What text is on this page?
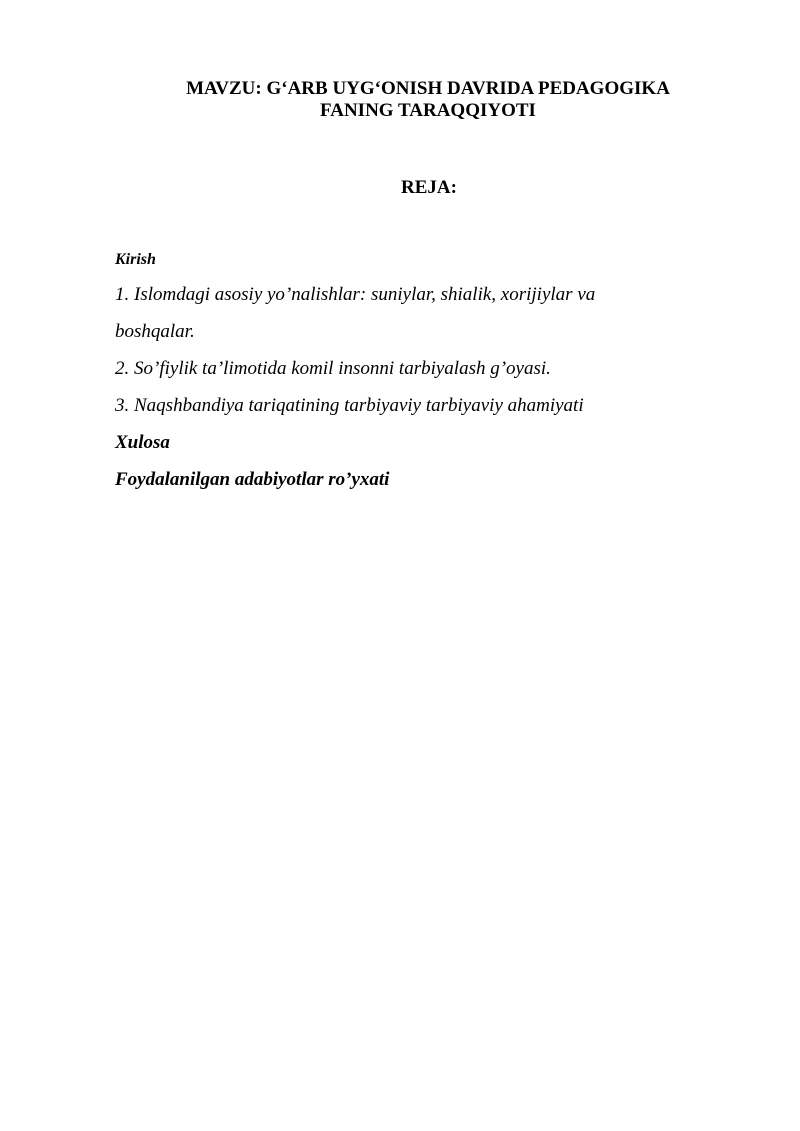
MAVZU: G‘ARB UYG‘ONISH DAVRIDA PEDAGOGIKA
FANING TARAQQIYOTI
REJA:

Kirish

1. Islomdagi asosiy yo’nalishlar: suniylar, shialik, xorijiylar va

boshqalar.

2. So’fiylik ta’limotida komil insonni tarbiyalash g’oyasi.

3. Naqshbandiya tariqatining tarbiyaviy tarbiyaviy ahamiyati

Xulosa

Foydalanilgan adabiyotlar ro’yxati
